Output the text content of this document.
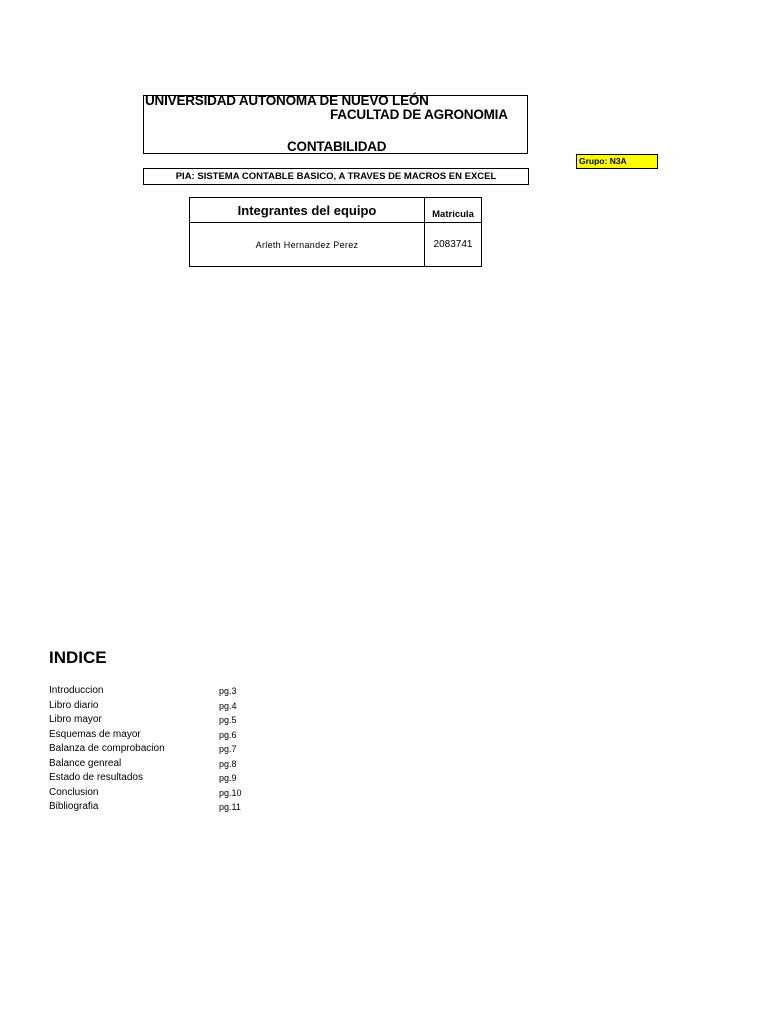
UNIVERSIDAD AUTONOMA DE NUEVO LEÓN
FACULTAD DE AGRONOMIA
CONTABILIDAD
PIA: SISTEMA CONTABLE BASICO, A TRAVES DE MACROS EN EXCEL
Grupo: N3A
Integrantes del equipo	Matricula
Arleth Hernandez Perez	2083741
INDICE
Introduccion	pg.3
Libro diario	pg.4
Libro mayor	pg.5
Esquemas de mayor	pg.6
Balanza de comprobacion	pg.7
Balance genreal	pg.8
Estado de resultados	pg.9
Conclusion	pg.10
Bibliografia	pg.11
